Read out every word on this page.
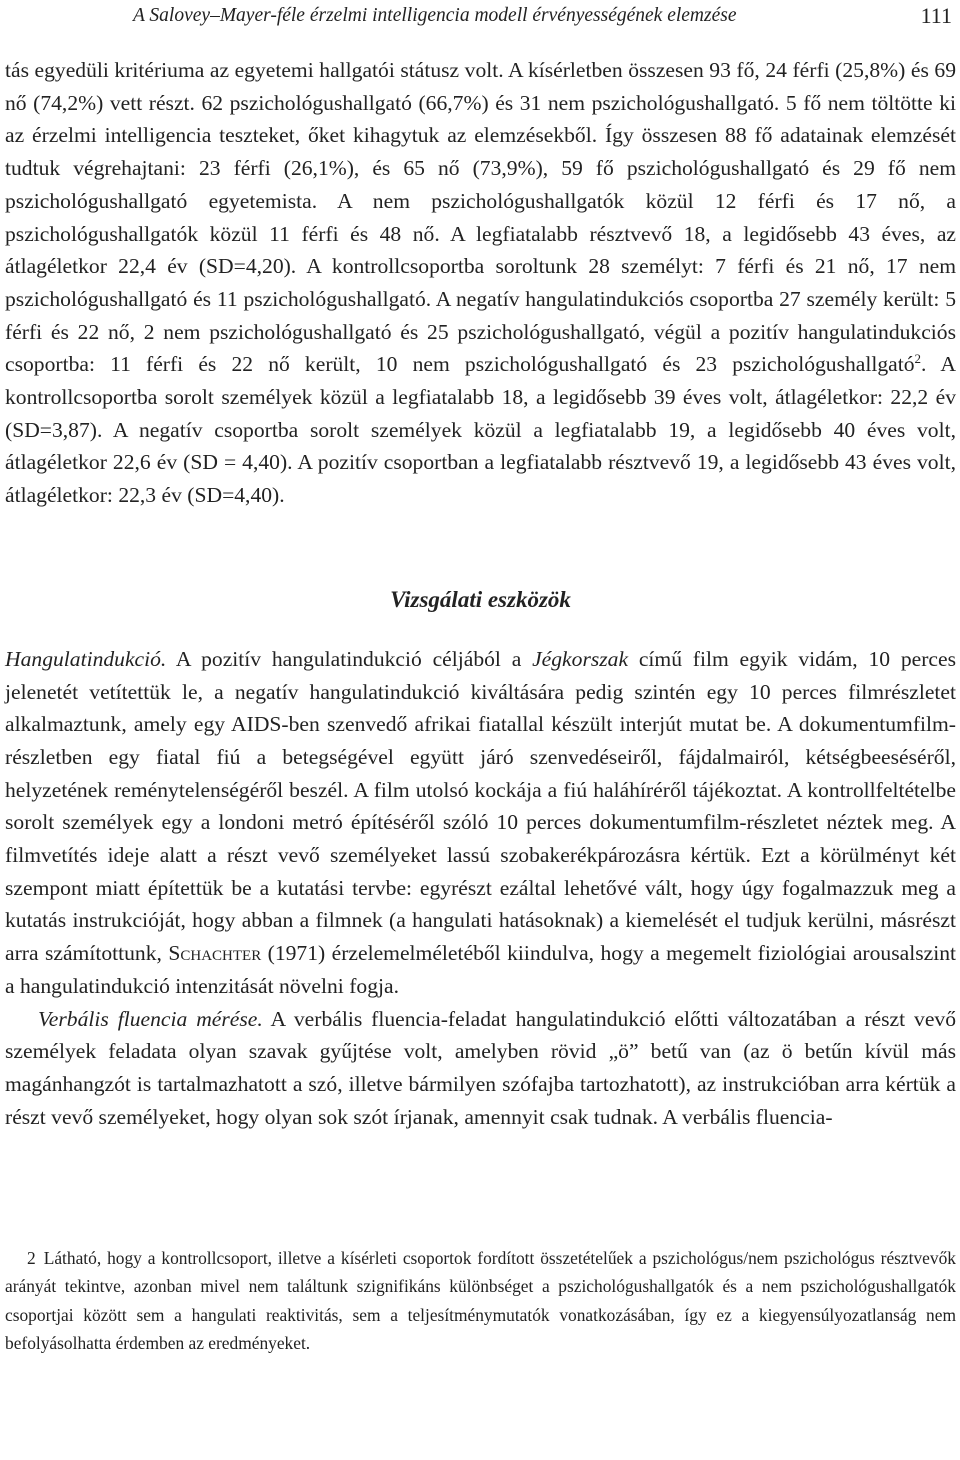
A Salovey–Mayer-féle érzelmi intelligencia modell érvényességének elemzése	111

tás egyedüli kritériuma az egyetemi hallgatói státusz volt. A kísérletben összesen 93 fő, 24 férfi (25,8%) és 69 nő (74,2%) vett részt. 62 pszichológushallgató (66,7%) és 31 nem pszichológushallgató. 5 fő nem töltötte ki az érzelmi intelligencia teszteket, őket kihagytuk az elemzésekből. Így összesen 88 fő adatainak elemzését tudtuk végrehajtani: 23 férfi (26,1%), és 65 nő (73,9%), 59 fő pszichológushallgató és 29 fő nem pszichológushallgató egyetemista. A nem pszichológushallgatók közül 12 férfi és 17 nő, a pszichológushallgatók közül 11 férfi és 48 nő. A legfiatalabb résztvevő 18, a legidősebb 43 éves, az átlagéletkor 22,4 év (SD=4,20). A kontrollcsoportba soroltunk 28 személyt: 7 férfi és 21 nő, 17 nem pszichológushallgató és 11 pszichológushallgató. A negatív hangulatindukciós csoportba 27 személy került: 5 férfi és 22 nő, 2 nem pszichológushallgató és 25 pszichológushallgató, végül a pozitív hangulatindukciós csoportba: 11 férfi és 22 nő került, 10 nem pszichológushallgató és 23 pszichológushallgató$^2$. A kontrollcsoportba sorolt személyek közül a legfiatalabb 18, a legidősebb 39 éves volt, átlagéletkor: 22,2 év (SD=3,87). A negatív csoportba sorolt személyek közül a legfiatalabb 19, a legidősebb 40 éves volt, átlagéletkor 22,6 év (SD = 4,40). A pozitív csoportban a legfiatalabb résztvevő 19, a legidősebb 43 éves volt, átlagéletkor: 22,3 év (SD=4,40).

Vizsgálati eszközök

Hangulatindukció. A pozitív hangulatindukció céljából a Jégkorszak című film egyik vidám, 10 perces jelenetét vetítettük le, a negatív hangulatindukció kiváltására pedig szintén egy 10 perces filmrészletet alkalmaztunk, amely egy AIDS-ben szenvedő afrikai fiatallal készült interjút mutat be. A dokumentumfilm-részletben egy fiatal fiú a betegségével együtt járó szenvedéseiről, fájdalmairól, kétségbeeséséről, helyzetének reménytelenségéről beszél. A film utolsó kockája a fiú haláhíréről tájékoztat. A kontrollfeltételbe sorolt személyek egy a londoni metró építéséről szóló 10 perces dokumentumfilm-részletet néztek meg. A filmvetítés ideje alatt a részt vevő személyeket lassú szobakerékpározásra kértük. Ezt a körülményt két szempont miatt építettük be a kutatási tervbe: egyrészt ezáltal lehetővé vált, hogy úgy fogalmazzuk meg a kutatás instrukcióját, hogy abban a filmnek (a hangulati hatásoknak) a kiemelését el tudjuk kerülni, másrészt arra számítottunk, Schachter (1971) érzelemelméletéből kiindulva, hogy a megemelt fiziológiai arousalszint a hangulatindukció intenzitását növelni fogja.

Verbális fluencia mérése. A verbális fluencia-feladat hangulatindukció előtti változatában a részt vevő személyek feladata olyan szavak gyűjtése volt, amelyben rövid „ö” betű van (az ö betűn kívül más magánhangzót is tartalmazhatott a szó, illetve bármilyen szófajba tartozhatott), az instrukcióban arra kértük a részt vevő személyeket, hogy olyan sok szót írjanak, amennyit csak tudnak. A verbális fluencia-

2 Látható, hogy a kontrollcsoport, illetve a kísérleti csoportok fordított összetételűek a pszichológus/nem pszichológus résztvevők arányát tekintve, azonban mivel nem találtunk szignifikáns különbséget a pszichológushallgatók és a nem pszichológushallgatók csoportjai között sem a hangulati reaktivitás, sem a teljesítménymutatók vonatkozásában, így ez a kiegyensúlyozatlanság nem befolyásolhatta érdemben az eredményeket.
